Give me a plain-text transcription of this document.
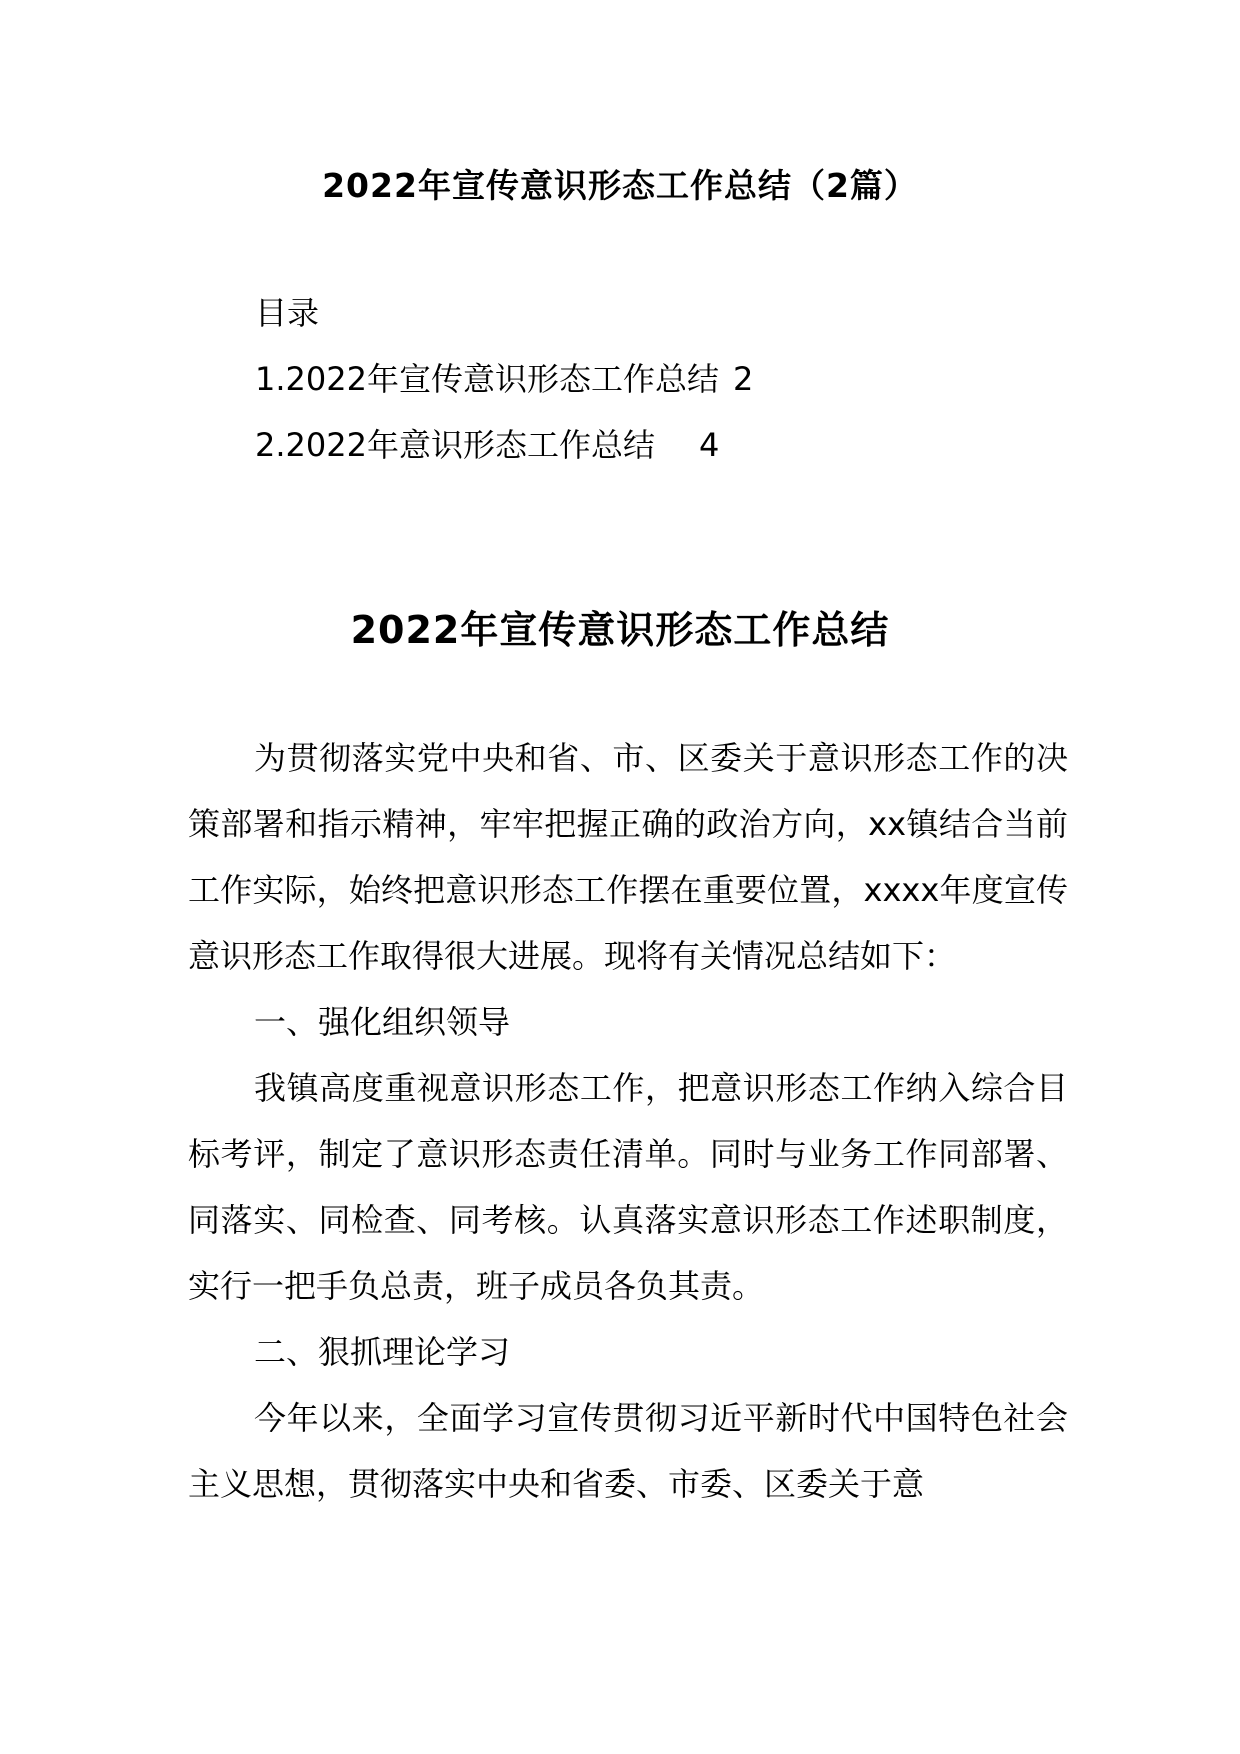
2022年宣传意识形态工作总结（2篇）
目录
1.2022年宣传意识形态工作总结 2
2.2022年意识形态工作总结 4
2022年宣传意识形态工作总结

为贯彻落实党中央和省、市、区委关于意识形态工作的决策部署和指示精神，牢牢把握正确的政治方向，xx镇结合当前工作实际，始终把意识形态工作摆在重要位置，xxxx年度宣传意识形态工作取得很大进展。现将有关情况总结如下：

一、强化组织领导

我镇高度重视意识形态工作，把意识形态工作纳入综合目标考评，制定了意识形态责任清单。同时与业务工作同部署、同落实、同检查、同考核。认真落实意识形态工作述职制度，实行一把手负总责，班子成员各负其责。

二、狠抓理论学习

今年以来，全面学习宣传贯彻习近平新时代中国特色社会主义思想，贯彻落实中央和省委、市委、区委关于意
